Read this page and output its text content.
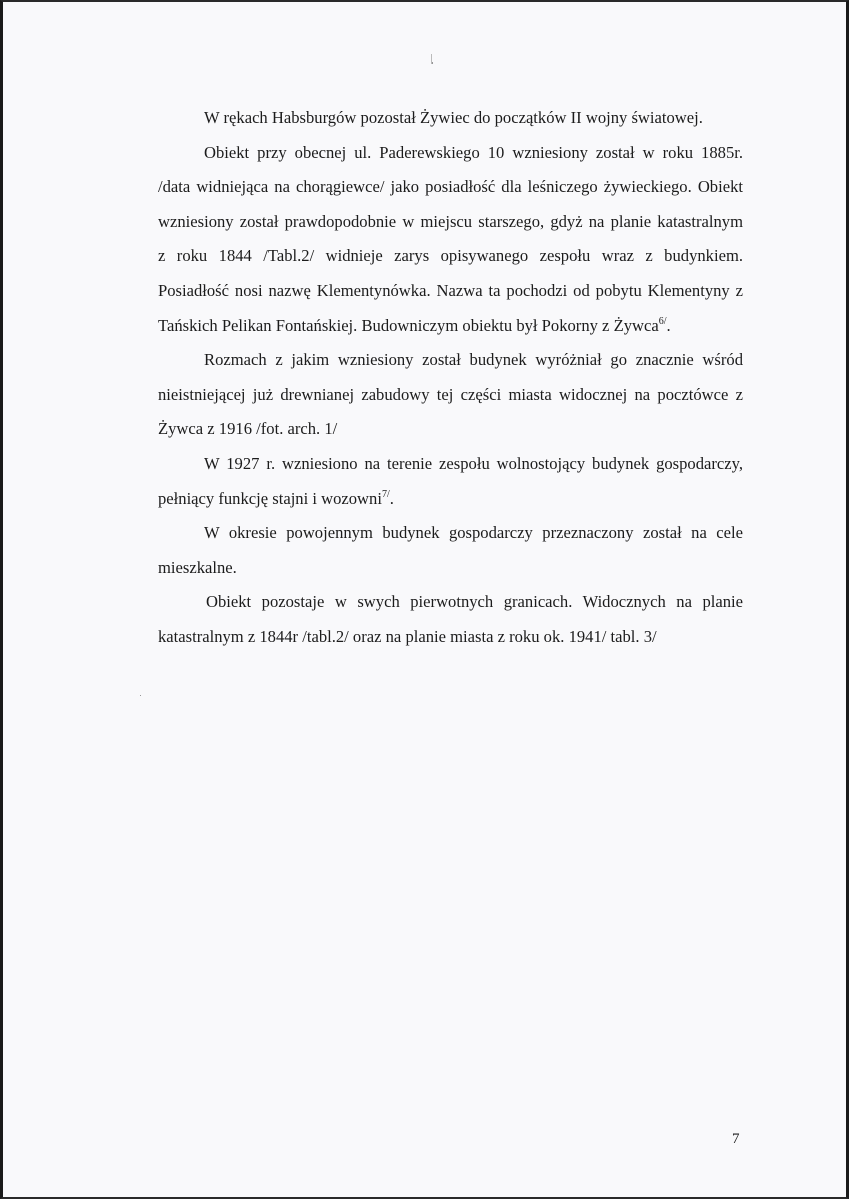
W rękach Habsburgów pozostał Żywiec do początków II wojny światowej.
Obiekt przy obecnej ul. Paderewskiego 10 wzniesiony został w roku 1885r.
/data widniejąca na chorągiewce/ jako posiadłość dla leśniczego żywieckiego. Obiekt
wzniesiony został prawdopodobnie w miejscu starszego, gdyż na planie katastralnym
z roku 1844 /Tabl.2/ widnieje zarys opisywanego zespołu wraz z budynkiem.
Posiadłość nosi nazwę Klementynówka. Nazwa ta pochodzi od pobytu Klementyny z
Tańskich Pelikan Fontańskiej. Budowniczym obiektu był Pokorny z Żywca$^{6/}$.
Rozmach z jakim wzniesiony został budynek wyróżniał go znacznie wśród
nieistniejącej już drewnianej zabudowy tej części miasta widocznej na pocztówce z
Żywca z 1916 /fot. arch. 1/
W 1927 r. wzniesiono na terenie zespołu wolnostojący budynek gospodarczy,
pełniący funkcję stajni i wozowni$^{7/}$.
W okresie powojennym budynek gospodarczy przeznaczony został na cele
mieszkalne.
Obiekt pozostaje w swych pierwotnych granicach. Widocznych na planie
katastralnym z 1844r /tabl.2/ oraz na planie miasta z roku ok. 1941/ tabl. 3/
7
